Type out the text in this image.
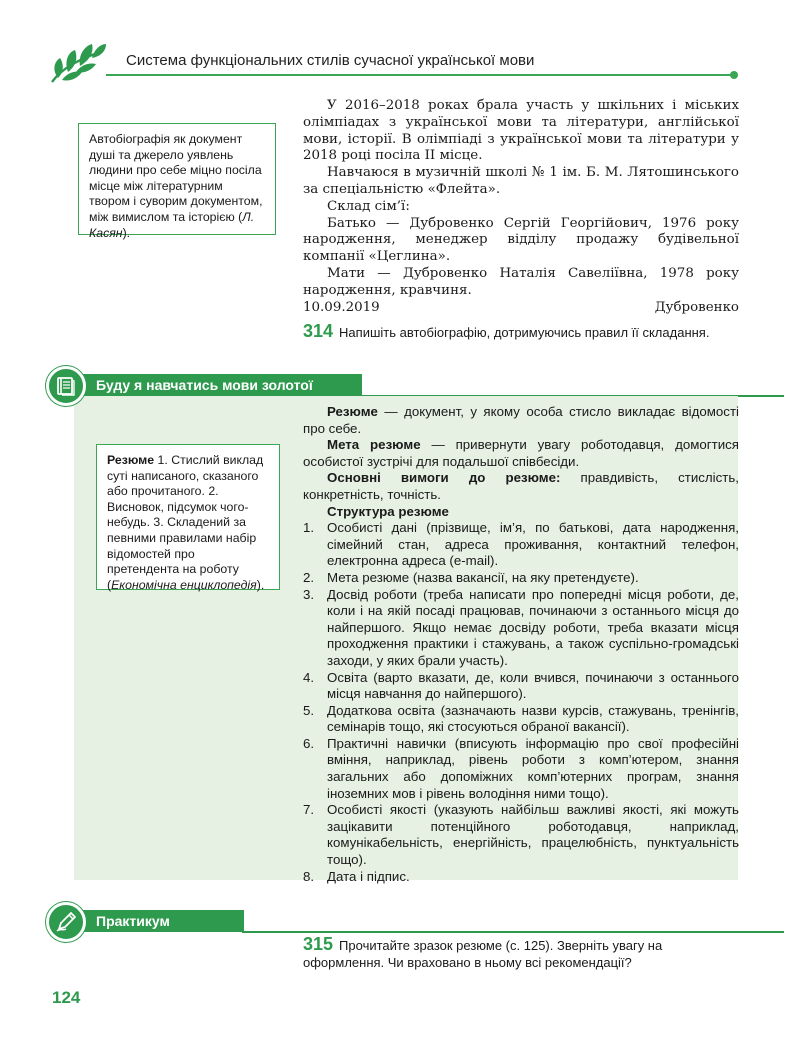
Система функціональних стилів сучасної української мови

Автобіографія як документ душі та джерело уявлень людини про себе міцно посіла місце між літературним твором і суворим документом, між вимислом та історією (Л. Касян).

У 2016–2018 роках брала участь у шкільних і міських олімпіадах з української мови та літератури, англійської мови, історії. В олімпіаді з української мови та літератури у 2018 році посіла II місце.

Навчаюся в музичній школі № 1 ім. Б. М. Лятошинського за спеціальністю «Флейта».

Склад сім’ї:

Батько — Дубровенко Сергій Георгійович, 1976 року народження, менеджер відділу продажу будівельної компанії «Цеглина».

Мати — Дубровенко Наталія Савеліївна, 1978 року народження, кравчиня.

10.09.2019	Дубровенко
314 Напишіть автобіографію, дотримуючись правил її складання.
Буду я навчатись мови золотої

Резюме 1. Стислий виклад суті написаного, сказаного або прочитаного. 2. Висновок, підсумок чого-небудь. 3. Складений за певними правилами набір відомостей про претендента на роботу (Економічна енциклопедія).

Резюме — документ, у якому особа стисло викладає відомості про себе.

Мета резюме — привернути увагу роботодавця, домогтися особистої зустрічі для подальшої співбесіди.

Основні вимоги до резюме: правдивість, стислість, конкретність, точність.

Структура резюме

1. Особисті дані (прізвище, ім’я, по батькові, дата народження, сімейний стан, адреса проживання, контактний телефон, електронна адреса (e-mail).
2. Мета резюме (назва вакансії, на яку претендуєте).
3. Досвід роботи (треба написати про попередні місця роботи, де, коли і на якій посаді працював, починаючи з останнього місця до найпершого. Якщо немає досвіду роботи, треба вказати місця проходження практики і стажувань, а також суспільно-громадські заходи, у яких брали участь).
4. Освіта (варто вказати, де, коли вчився, починаючи з останнього місця навчання до найпершого).
5. Додаткова освіта (зазначають назви курсів, стажувань, тренінгів, семінарів тощо, які стосуються обраної вакансії).
6. Практичні навички (вписують інформацію про свої професійні вміння, наприклад, рівень роботи з комп’ютером, знання загальних або допоміжних комп’ютерних програм, знання іноземних мов і рівень володіння ними тощо).
7. Особисті якості (указують найбільш важливі якості, які можуть зацікавити потенційного роботодавця, наприклад, комунікабельність, енергійність, працелюбність, пунктуальність тощо).
8. Дата і підпис.
Практикум
315 Прочитайте зразок резюме (с. 125). Зверніть увагу на оформлення. Чи враховано в ньому всі рекомендації?
124
